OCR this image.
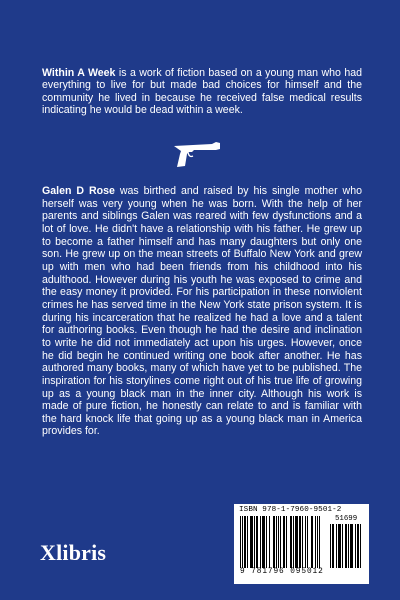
Within A Week is a work of fiction based on a young man who had everything to live for but made bad choices for himself and the community he lived in because he received false medical results indicating he would be dead within a week.

Galen D Rose was birthed and raised by his single mother who herself was very young when he was born. With the help of her parents and siblings Galen was reared with few dysfunctions and a lot of love. He didn't have a relationship with his father. He grew up to become a father himself and has many daughters but only one son. He grew up on the mean streets of Buffalo New York and grew up with men who had been friends from his childhood into his adulthood. However during his youth he was exposed to crime and the easy money it provided. For his participation in these nonviolent crimes he has served time in the New York state prison system. It is during his incarceration that he realized he had a love and a talent for authoring books. Even though he had the desire and inclination to write he did not immediately act upon his urges. However, once he did begin he continued writing one book after another. He has authored many books, many of which have yet to be published. The inspiration for his storylines come right out of his true life of growing up as a young black man in the inner city. Although his work is made of pure fiction, he honestly can relate to and is familiar with the hard knock life that going up as a young black man in America provides for.

Xlibris
ISBN 978-1-7960-9501-2
51699
9 781796 095012
